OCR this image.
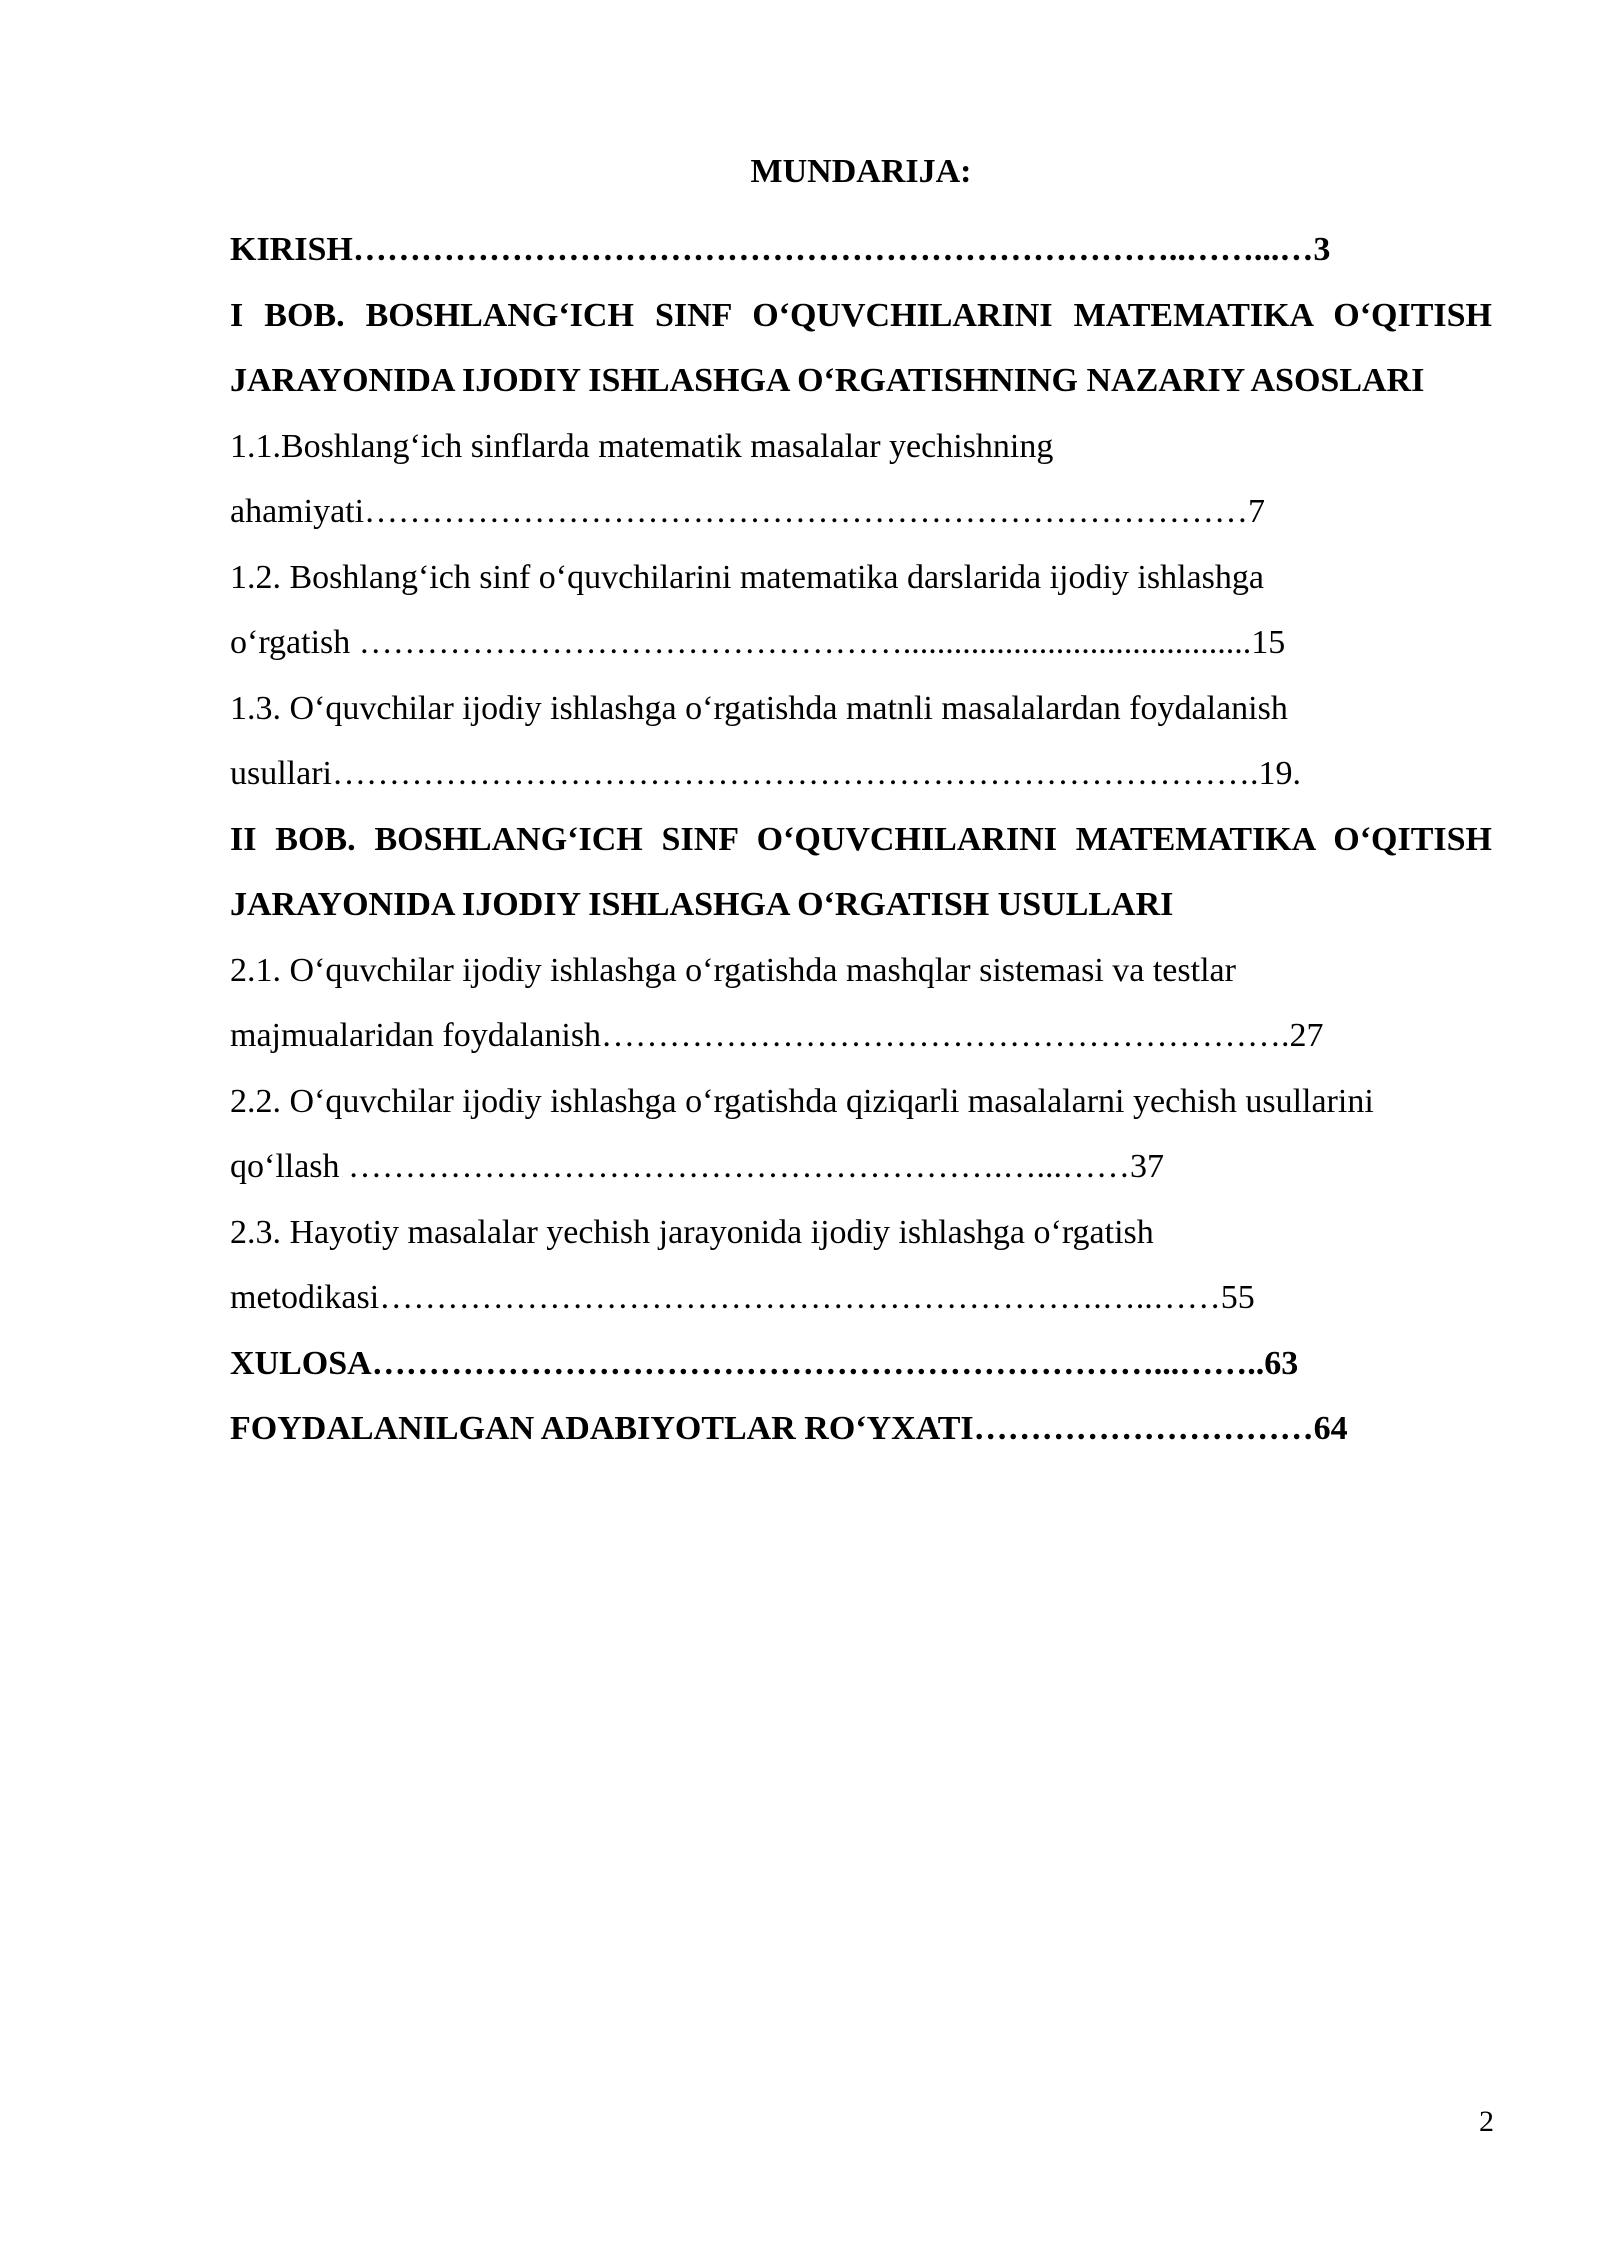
MUNDARIJA:

KIRISH………………………………………………………………..……...…3

I BOB. BOSHLANG‘ICH SINF O‘QUVCHILARINI MATEMATIKA O‘QITISH JARAYONIDA IJODIY ISHLASHGA O‘RGATISHNING NAZARIY ASOSLARI

1.1.Boshlang‘ich sinflarda matematik masalalar yechishning

ahamiyati……………………………………………………………………7

1.2. Boshlang‘ich sinf o‘quvchilarini matematika darslarida ijodiy ishlashga

o‘rgatish ………………………………………….........................................15

1.3. O‘quvchilar ijodiy ishlashga o‘rgatishda matnli masalalardan foydalanish

usullari……………………………………………………………………….19.

II BOB. BOSHLANG‘ICH SINF O‘QUVCHILARINI MATEMATIKA O‘QITISH JARAYONIDA IJODIY ISHLASHGA O‘RGATISH USULLARI

2.1. O‘quvchilar ijodiy ishlashga o‘rgatishda mashqlar sistemasi va testlar

majmualaridan foydalanish…………………………………………………….27

2.2. O‘quvchilar ijodiy ishlashga o‘rgatishda qiziqarli masalalarni yechish usullarini

qo‘llash ………………………………………………….…...……37

2.3. Hayotiy masalalar yechish jarayonida ijodiy ishlashga o‘rgatish

metodikasi……………………………………………………….…..……55

XULOSA……………………………………………………………...……..63

FOYDALANILGAN ADABIYOTLAR RO‘YXATI…………………………64

2
